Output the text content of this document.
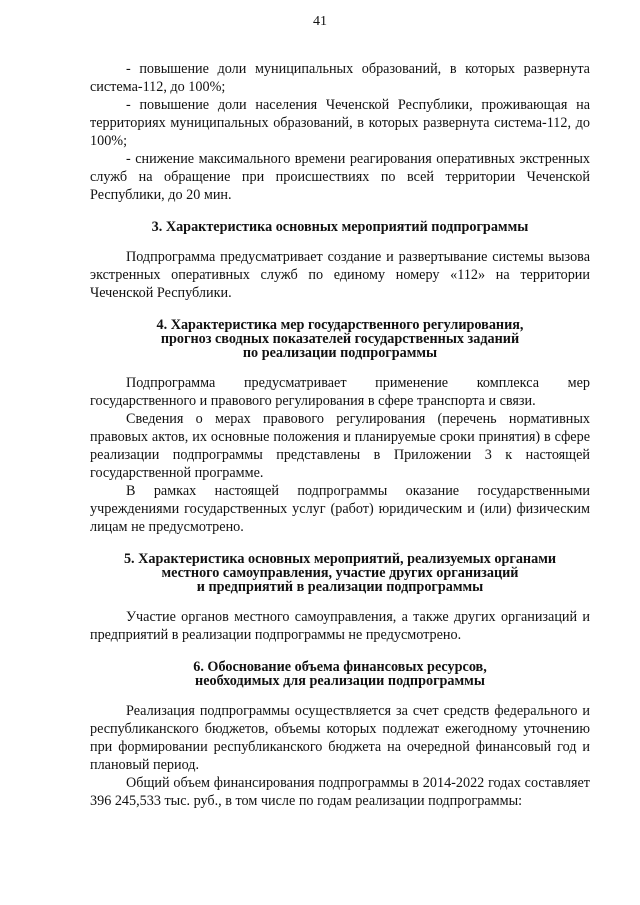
41

- повышение доли муниципальных образований, в которых развернута система-112, до 100%;

- повышение доли населения Чеченской Республики, проживающая на территориях муниципальных образований, в которых развернута система-112, до 100%;

- снижение максимального времени реагирования оперативных экстренных служб на обращение при происшествиях по всей территории Чеченской Республики, до 20 мин.

3. Характеристика основных мероприятий подпрограммы

Подпрограмма предусматривает создание и развертывание системы вызова экстренных оперативных служб по единому номеру «112» на территории Чеченской Республики.

4. Характеристика мер государственного регулирования,
прогноз сводных показателей государственных заданий
по реализации подпрограммы

Подпрограмма предусматривает применение комплекса мер государственного и правового регулирования в сфере транспорта и связи.

Сведения о мерах правового регулирования (перечень нормативных правовых актов, их основные положения и планируемые сроки принятия) в сфере реализации подпрограммы представлены в Приложении 3 к настоящей государственной программе.

В рамках настоящей подпрограммы оказание государственными учреждениями государственных услуг (работ) юридическим и (или) физическим лицам не предусмотрено.

5. Характеристика основных мероприятий, реализуемых органами
местного самоуправления, участие других организаций
и предприятий в реализации подпрограммы

Участие органов местного самоуправления, а также других организаций и предприятий в реализации подпрограммы не предусмотрено.

6. Обоснование объема финансовых ресурсов,
необходимых для реализации подпрограммы

Реализация подпрограммы осуществляется за счет средств федерального и республиканского бюджетов, объемы которых подлежат ежегодному уточнению при формировании республиканского бюджета на очередной финансовый год и плановый период.

Общий объем финансирования подпрограммы в 2014-2022 годах составляет 396 245,533 тыс. руб., в том числе по годам реализации подпрограммы:
